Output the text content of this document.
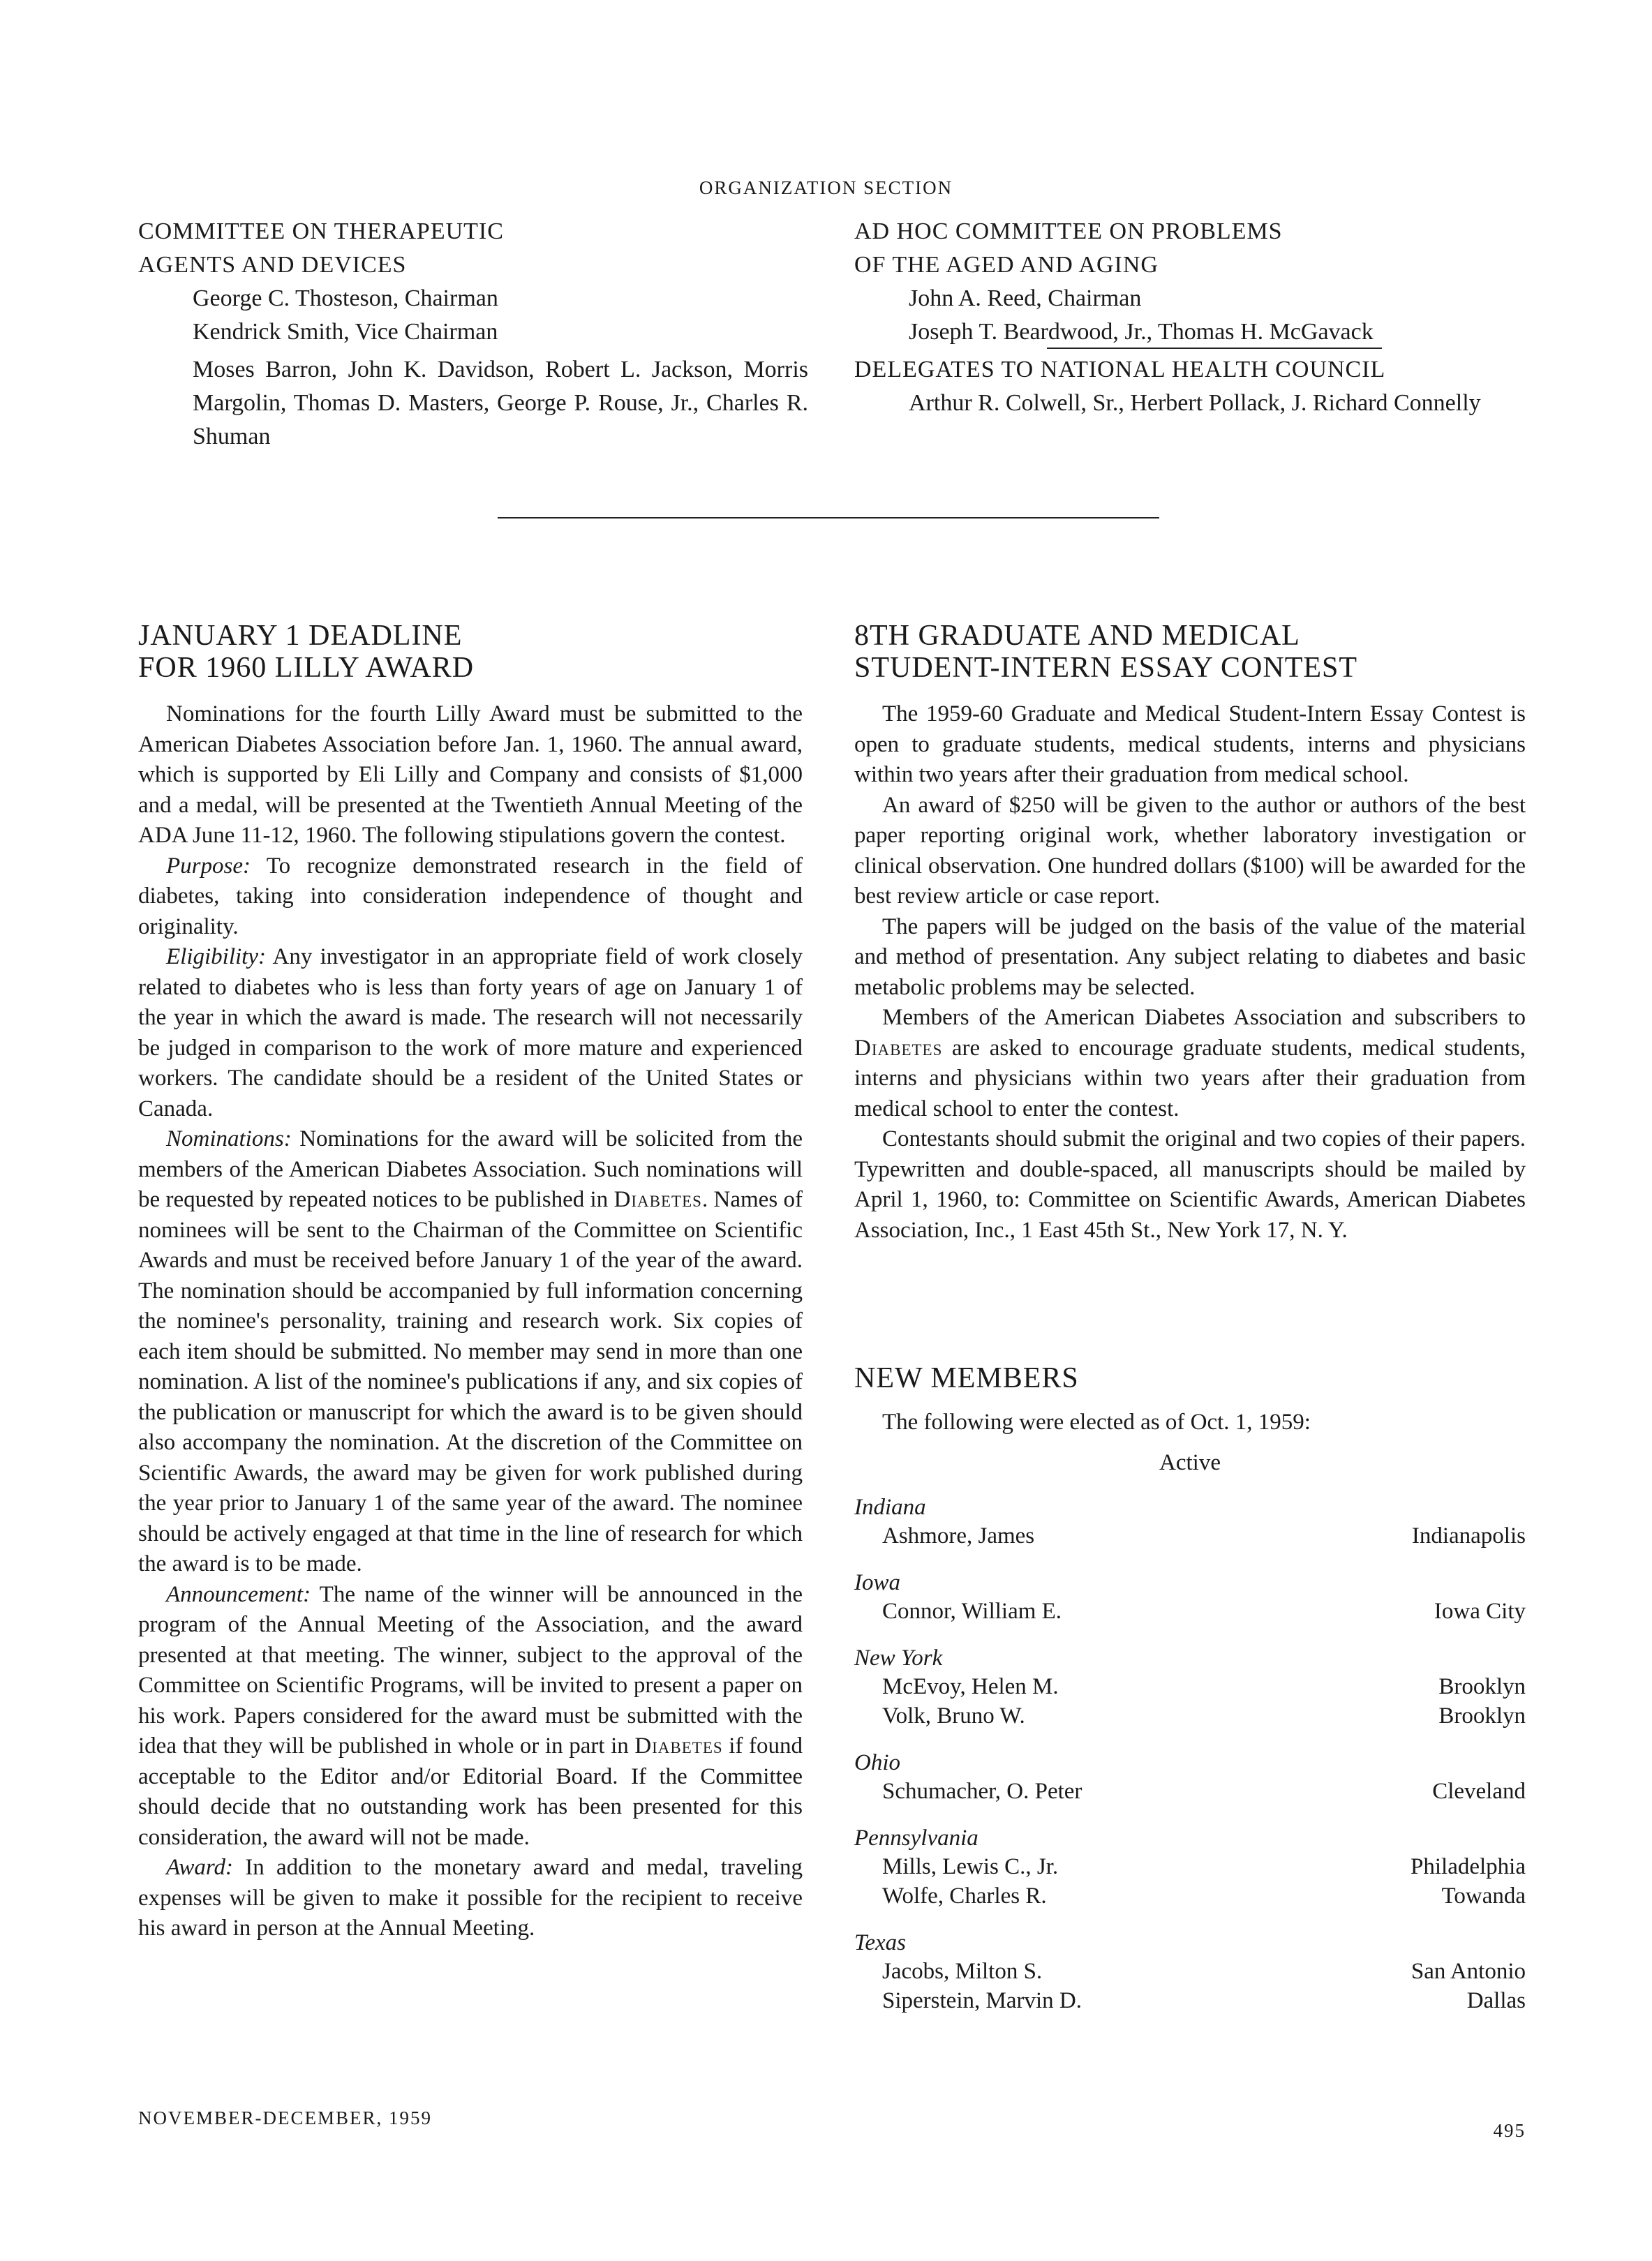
ORGANIZATION SECTION
COMMITTEE ON THERAPEUTIC
AGENTS AND DEVICES
George C. Thosteson, Chairman
Kendrick Smith, Vice Chairman
Moses Barron, John K. Davidson, Robert L. Jackson, Morris Margolin, Thomas D. Masters, George P. Rouse, Jr., Charles R. Shuman
AD HOC COMMITTEE ON PROBLEMS
OF THE AGED AND AGING
John A. Reed, Chairman
Joseph T. Beardwood, Jr., Thomas H. McGavack
DELEGATES TO NATIONAL HEALTH COUNCIL
Arthur R. Colwell, Sr., Herbert Pollack, J. Richard Connelly
JANUARY 1 DEADLINE
FOR 1960 LILLY AWARD

Nominations for the fourth Lilly Award must be submitted to the American Diabetes Association before Jan. 1, 1960. The annual award, which is supported by Eli Lilly and Company and consists of $1,000 and a medal, will be presented at the Twentieth Annual Meeting of the ADA June 11-12, 1960. The following stipulations govern the contest.

Purpose: To recognize demonstrated research in the field of diabetes, taking into consideration independence of thought and originality.

Eligibility: Any investigator in an appropriate field of work closely related to diabetes who is less than forty years of age on January 1 of the year in which the award is made. The research will not necessarily be judged in comparison to the work of more mature and experienced workers. The candidate should be a resident of the United States or Canada.

Nominations: Nominations for the award will be solicited from the members of the American Diabetes Association. Such nominations will be requested by repeated notices to be published in Diabetes. Names of nominees will be sent to the Chairman of the Committee on Scientific Awards and must be received before January 1 of the year of the award. The nomination should be accompanied by full information concerning the nominee's personality, training and research work. Six copies of each item should be submitted. No member may send in more than one nomination. A list of the nominee's publications if any, and six copies of the publication or manuscript for which the award is to be given should also accompany the nomination. At the discretion of the Committee on Scientific Awards, the award may be given for work published during the year prior to January 1 of the same year of the award. The nominee should be actively engaged at that time in the line of research for which the award is to be made.

Announcement: The name of the winner will be announced in the program of the Annual Meeting of the Association, and the award presented at that meeting. The winner, subject to the approval of the Committee on Scientific Programs, will be invited to present a paper on his work. Papers considered for the award must be submitted with the idea that they will be published in whole or in part in Diabetes if found acceptable to the Editor and/or Editorial Board. If the Committee should decide that no outstanding work has been presented for this consideration, the award will not be made.

Award: In addition to the monetary award and medal, traveling expenses will be given to make it possible for the recipient to receive his award in person at the Annual Meeting.

8TH GRADUATE AND MEDICAL
STUDENT-INTERN ESSAY CONTEST

The 1959-60 Graduate and Medical Student-Intern Essay Contest is open to graduate students, medical students, interns and physicians within two years after their graduation from medical school.

An award of $250 will be given to the author or authors of the best paper reporting original work, whether laboratory investigation or clinical observation. One hundred dollars ($100) will be awarded for the best review article or case report.

The papers will be judged on the basis of the value of the material and method of presentation. Any subject relating to diabetes and basic metabolic problems may be selected.

Members of the American Diabetes Association and subscribers to Diabetes are asked to encourage graduate students, medical students, interns and physicians within two years after their graduation from medical school to enter the contest.

Contestants should submit the original and two copies of their papers. Typewritten and double-spaced, all manuscripts should be mailed by April 1, 1960, to: Committee on Scientific Awards, American Diabetes Association, Inc., 1 East 45th St., New York 17, N. Y.

NEW MEMBERS
The following were elected as of Oct. 1, 1959:
Active
Indiana
Ashmore, James	Indianapolis
Iowa
Connor, William E.	Iowa City
New York
McEvoy, Helen M.	Brooklyn
Volk, Bruno W.	Brooklyn
Ohio
Schumacher, O. Peter	Cleveland
Pennsylvania
Mills, Lewis C., Jr.	Philadelphia
Wolfe, Charles R.	Towanda
Texas
Jacobs, Milton S.	San Antonio
Siperstein, Marvin D.	Dallas
NOVEMBER-DECEMBER, 1959
495
